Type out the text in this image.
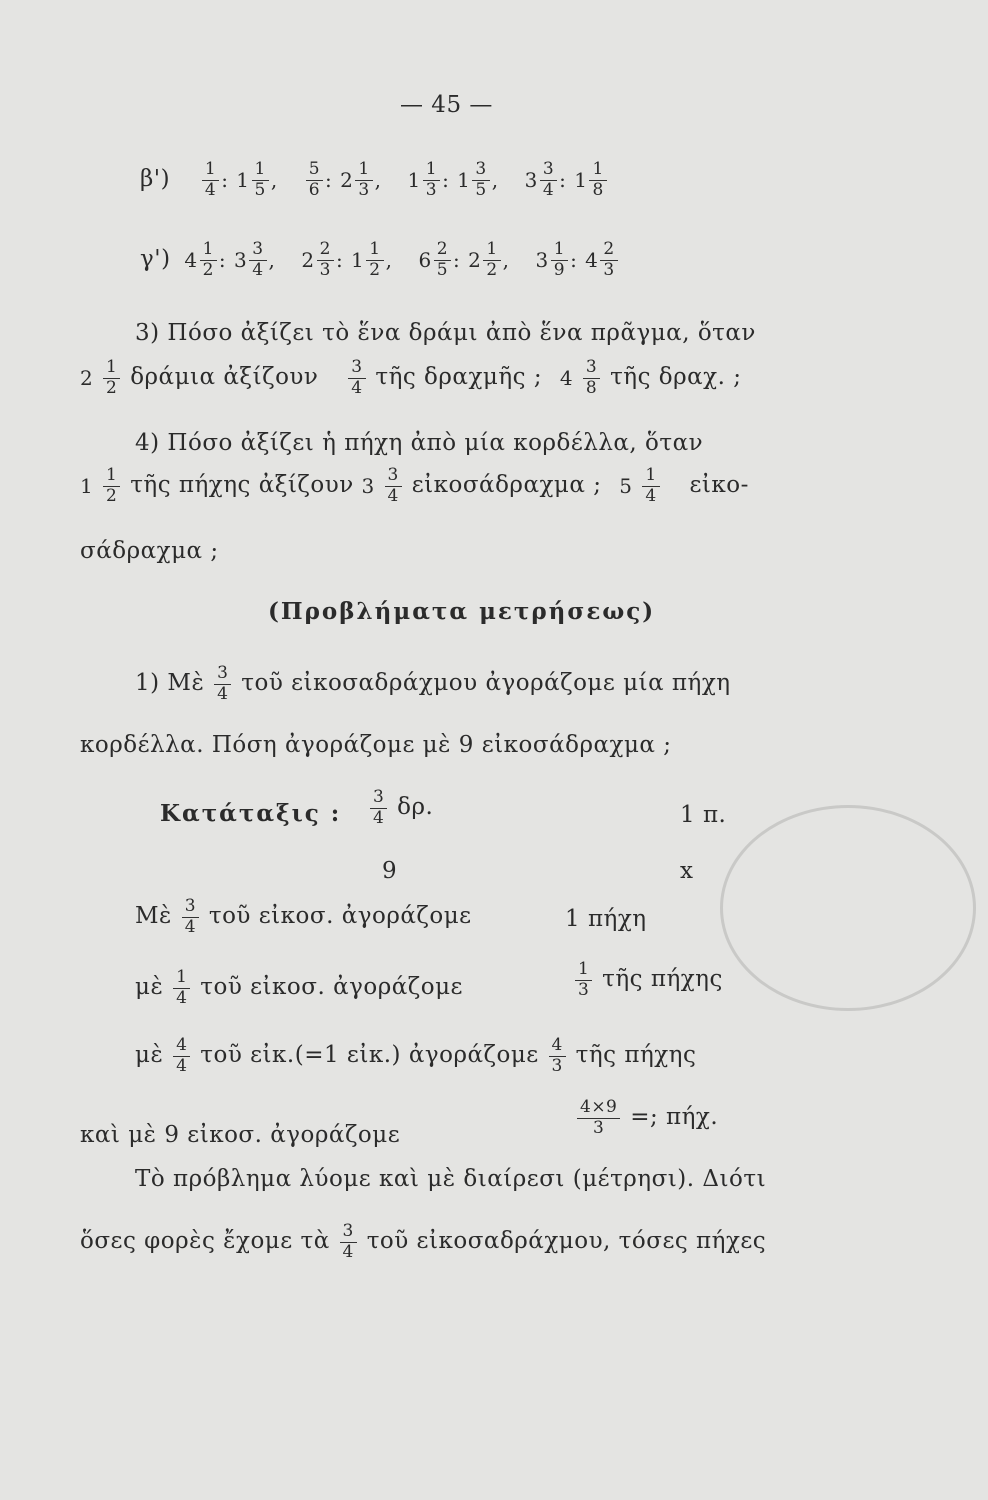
— 45 —
$\beta') \frac{1}{4}$ : $1 \frac{1}{5}$ , $\frac{5}{6}$ : $2 \frac{1}{3}$ , $1 \frac{1}{3}$ : $1 \frac{3}{5}$ , $3 \frac{3}{4}$ : $1 \frac{1}{8}$
γ') $4 \frac{1}{2}$ : $3 \frac{3}{4}$ , $2 \frac{2}{3}$ : $1 \frac{1}{2}$ , $6 \frac{2}{5}$ : $2 \frac{1}{2}$ , $3 \frac{1}{9}$ : $4 \frac{2}{3}$
3) Πόσο ἀξίζει τὸ ἕνα δράμι ἀπὸ ἕνα πρᾶγμα, ὅταν
$2 \frac{1}{2}$ δράμια ἀξίζουν $\frac{3}{4}$ τῆς δραχμῆς ; $4 \frac{3}{8}$ τῆς δραχ. ;
4) Πόσο ἀξίζει ἡ πήχη ἀπὸ μία κορδέλλα, ὅταν
$1 \frac{1}{2}$ τῆς πήχης ἀξίζουν $3 \frac{3}{4}$ εἰκοσάδραχμα ; $5 \frac{1}{4}$ εἰκο-
σάδραχμα ;
(Προβλήματα μετρήσεως)
1) Μὲ $\frac{3}{4}$ τοῦ εἰκοσαδράχμου ἀγοράζομε μία πήχη
κορδέλλα. Πόση ἀγοράζομε μὲ 9 εἰκοσάδραχμα ;
Κατάταξις : $\frac{3}{4} \delta\rho$.	1 π.
9	x
Μὲ $\frac{3}{4}$ τοῦ εἰκοσ. ἀγοράζομε	1 πήχη
μὲ $\frac{1}{4}$ τοῦ εἰκοσ. ἀγοράζομε	$\frac{1}{3}$ τῆς πήχης
μὲ $\frac{4}{4}$ τοῦ εἰκ.(=1 εἰκ.) ἀγοράζομε $\frac{4}{3}$ τῆς πήχης
καὶ μὲ 9 εἰκοσ. ἀγοράζομε	$\frac{4\times 9}{3}$ =; πήχ.
Τὸ πρόβλημα λύομε καὶ μὲ διαίρεσι (μέτρησι). Διότι
ὅσες φορὲς ἔχομε τὰ $\frac{3}{4}$ τοῦ εἰκοσαδράχμου, τόσες πήχες
